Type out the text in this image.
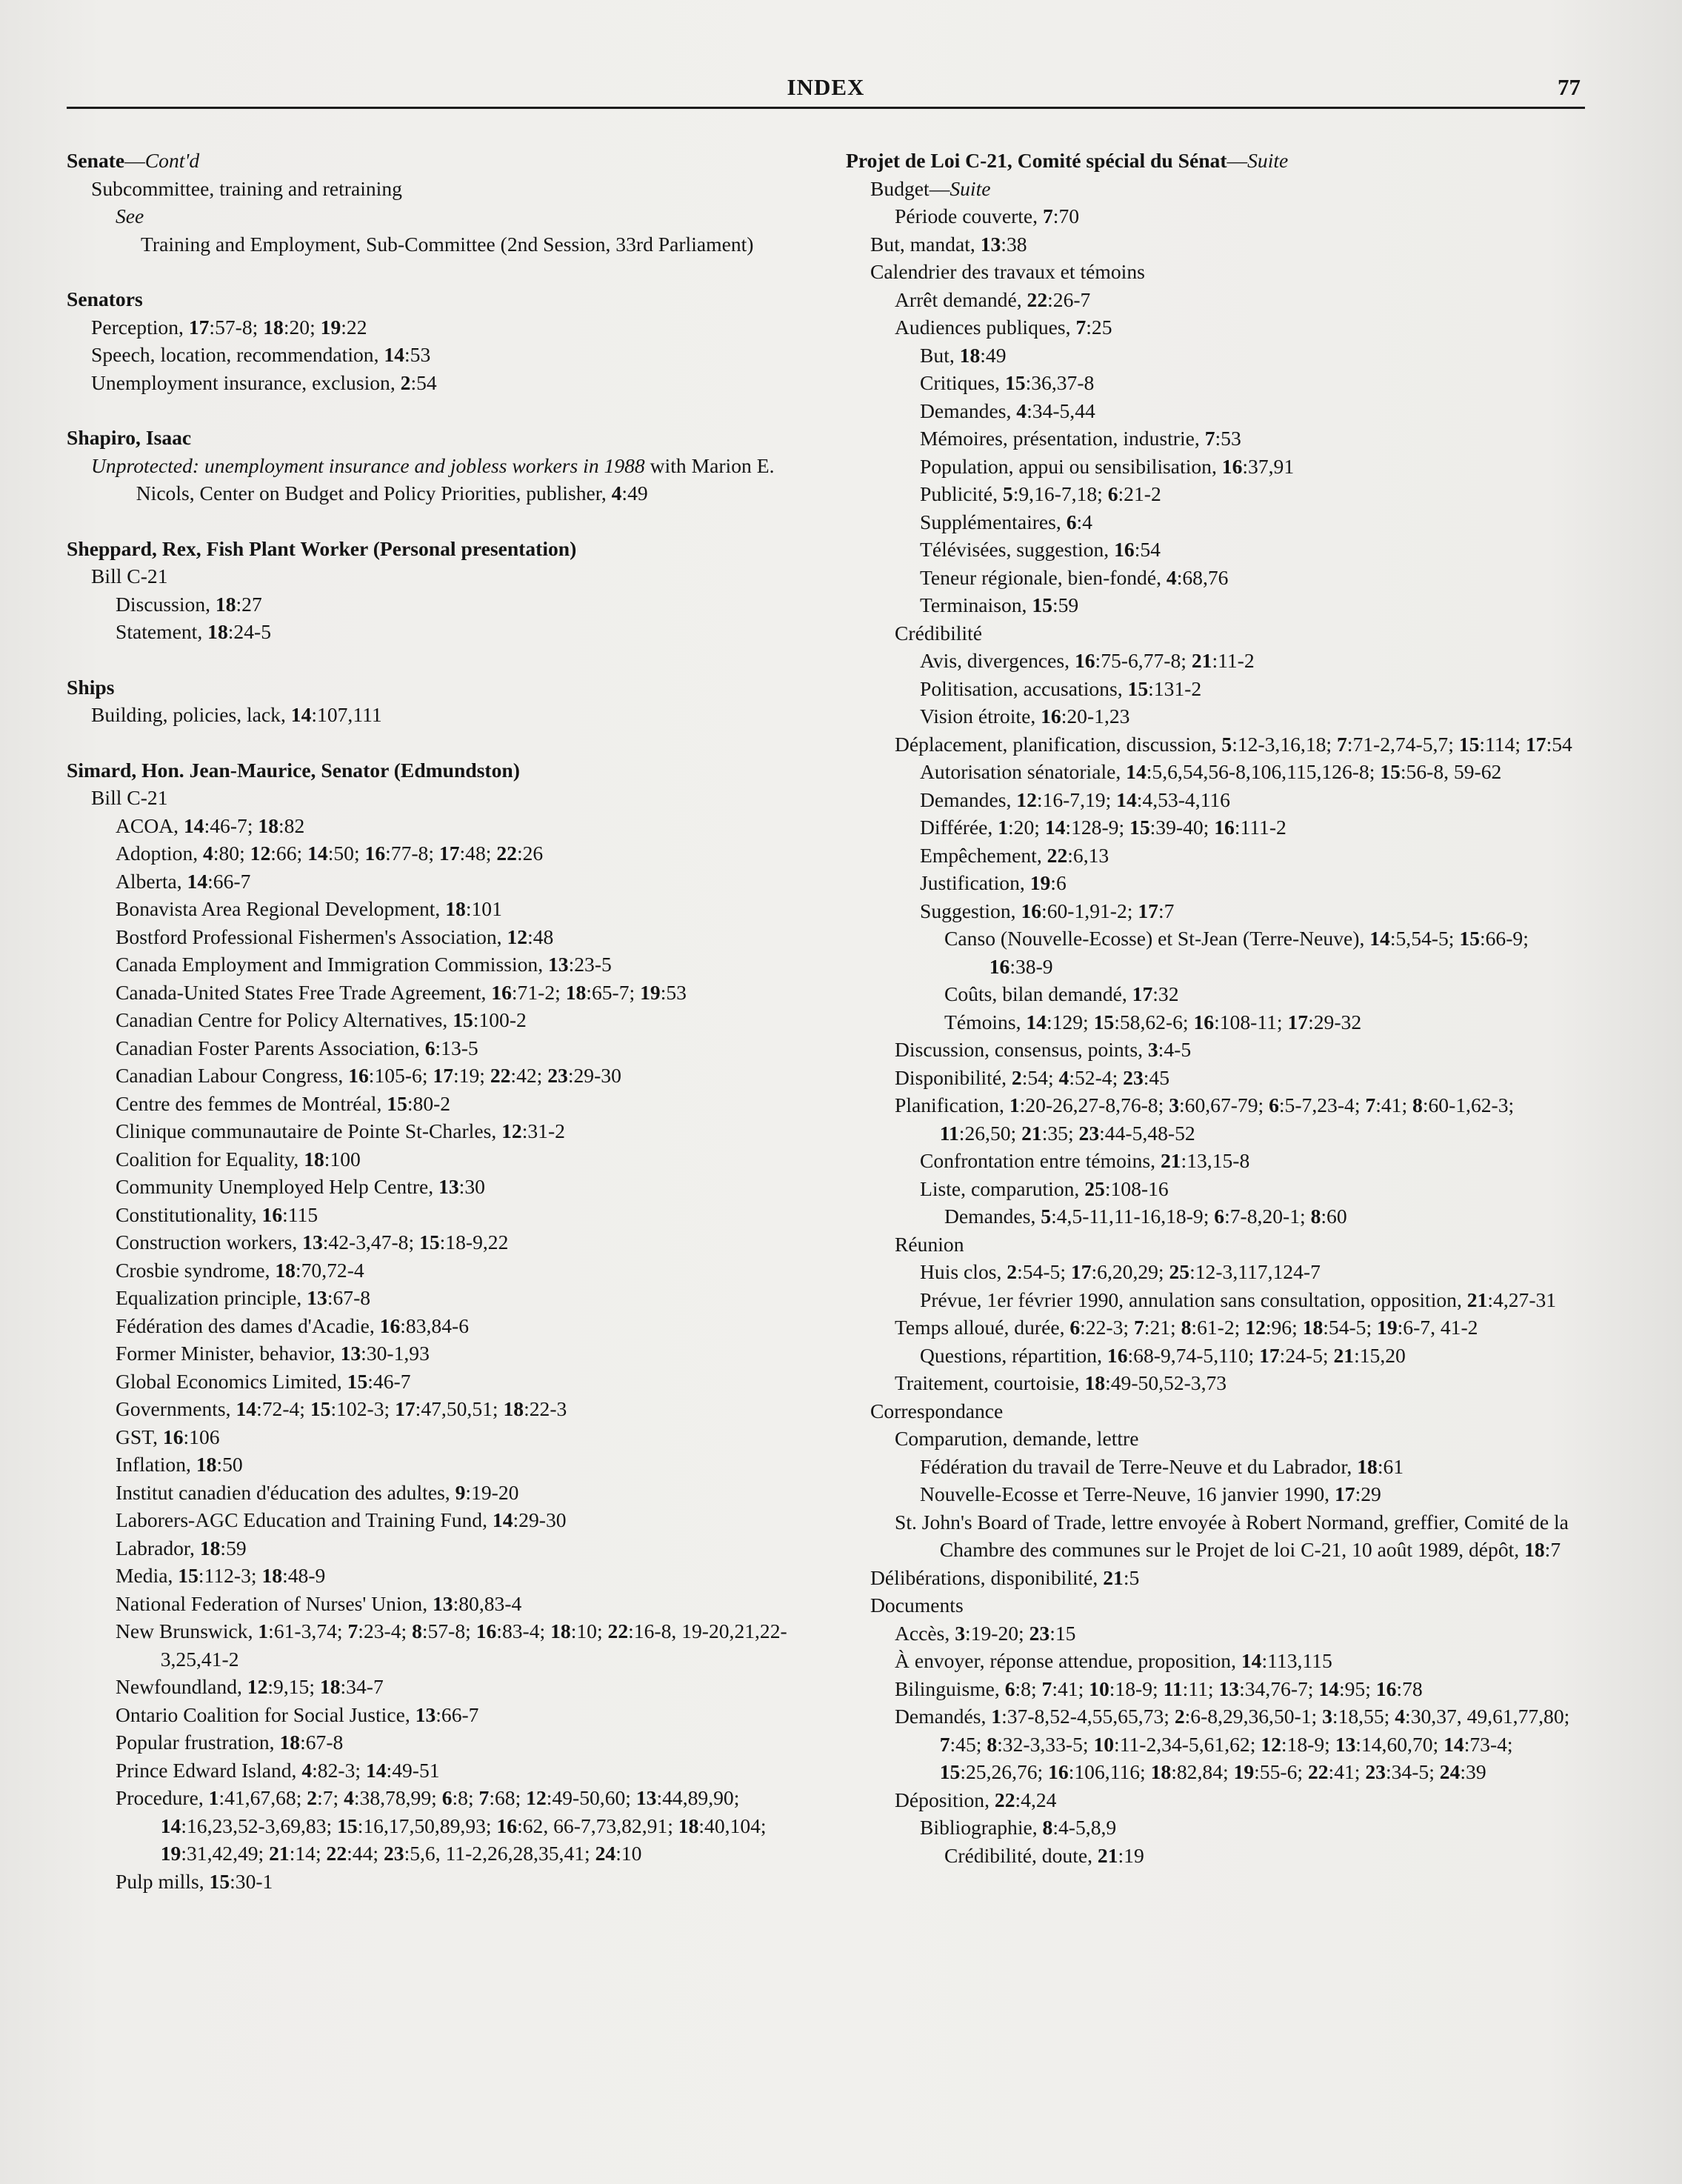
INDEX	77
Senate—Cont'd
Subcommittee, training and retraining
See
Training and Employment, Sub-Committee (2nd Session, 33rd Parliament)
Senators
Perception, 17:57-8; 18:20; 19:22
Speech, location, recommendation, 14:53
Unemployment insurance, exclusion, 2:54
Shapiro, Isaac
Unprotected: unemployment insurance and jobless workers in 1988 with Marion E. Nicols, Center on Budget and Policy Priorities, publisher, 4:49
Sheppard, Rex, Fish Plant Worker (Personal presentation)
Bill C-21
Discussion, 18:27
Statement, 18:24-5
Ships
Building, policies, lack, 14:107,111
Simard, Hon. Jean-Maurice, Senator (Edmundston)
Bill C-21
ACOA, 14:46-7; 18:82
Adoption, 4:80; 12:66; 14:50; 16:77-8; 17:48; 22:26
Alberta, 14:66-7
Bonavista Area Regional Development, 18:101
Bostford Professional Fishermen's Association, 12:48
Canada Employment and Immigration Commission, 13:23-5
Canada-United States Free Trade Agreement, 16:71-2; 18:65-7; 19:53
Canadian Centre for Policy Alternatives, 15:100-2
Canadian Foster Parents Association, 6:13-5
Canadian Labour Congress, 16:105-6; 17:19; 22:42; 23:29-30
Centre des femmes de Montréal, 15:80-2
Clinique communautaire de Pointe St-Charles, 12:31-2
Coalition for Equality, 18:100
Community Unemployed Help Centre, 13:30
Constitutionality, 16:115
Construction workers, 13:42-3,47-8; 15:18-9,22
Crosbie syndrome, 18:70,72-4
Equalization principle, 13:67-8
Fédération des dames d'Acadie, 16:83,84-6
Former Minister, behavior, 13:30-1,93
Global Economics Limited, 15:46-7
Governments, 14:72-4; 15:102-3; 17:47,50,51; 18:22-3
GST, 16:106
Inflation, 18:50
Institut canadien d'éducation des adultes, 9:19-20
Laborers-AGC Education and Training Fund, 14:29-30
Labrador, 18:59
Media, 15:112-3; 18:48-9
National Federation of Nurses' Union, 13:80,83-4
New Brunswick, 1:61-3,74; 7:23-4; 8:57-8; 16:83-4; 18:10; 22:16-8, 19-20,21,22-3,25,41-2
Newfoundland, 12:9,15; 18:34-7
Ontario Coalition for Social Justice, 13:66-7
Popular frustration, 18:67-8
Prince Edward Island, 4:82-3; 14:49-51
Procedure, 1:41,67,68; 2:7; 4:38,78,99; 6:8; 7:68; 12:49-50,60; 13:44,89,90; 14:16,23,52-3,69,83; 15:16,17,50,89,93; 16:62, 66-7,73,82,91; 18:40,104; 19:31,42,49; 21:14; 22:44; 23:5,6, 11-2,26,28,35,41; 24:10
Pulp mills, 15:30-1
Projet de Loi C-21, Comité spécial du Sénat—Suite
Budget—Suite
Période couverte, 7:70
But, mandat, 13:38
Calendrier des travaux et témoins
Arrêt demandé, 22:26-7
Audiences publiques, 7:25
But, 18:49
Critiques, 15:36,37-8
Demandes, 4:34-5,44
Mémoires, présentation, industrie, 7:53
Population, appui ou sensibilisation, 16:37,91
Publicité, 5:9,16-7,18; 6:21-2
Supplémentaires, 6:4
Télévisées, suggestion, 16:54
Teneur régionale, bien-fondé, 4:68,76
Terminaison, 15:59
Crédibilité
Avis, divergences, 16:75-6,77-8; 21:11-2
Politisation, accusations, 15:131-2
Vision étroite, 16:20-1,23
Déplacement, planification, discussion, 5:12-3,16,18; 7:71-2,74-5,7; 15:114; 17:54
Autorisation sénatoriale, 14:5,6,54,56-8,106,115,126-8; 15:56-8, 59-62
Demandes, 12:16-7,19; 14:4,53-4,116
Différée, 1:20; 14:128-9; 15:39-40; 16:111-2
Empêchement, 22:6,13
Justification, 19:6
Suggestion, 16:60-1,91-2; 17:7
Canso (Nouvelle-Ecosse) et St-Jean (Terre-Neuve), 14:5,54-5; 15:66-9; 16:38-9
Coûts, bilan demandé, 17:32
Témoins, 14:129; 15:58,62-6; 16:108-11; 17:29-32
Discussion, consensus, points, 3:4-5
Disponibilité, 2:54; 4:52-4; 23:45
Planification, 1:20-26,27-8,76-8; 3:60,67-79; 6:5-7,23-4; 7:41; 8:60-1,62-3; 11:26,50; 21:35; 23:44-5,48-52
Confrontation entre témoins, 21:13,15-8
Liste, comparution, 25:108-16
Demandes, 5:4,5-11,11-16,18-9; 6:7-8,20-1; 8:60
Réunion
Huis clos, 2:54-5; 17:6,20,29; 25:12-3,117,124-7
Prévue, 1er février 1990, annulation sans consultation, opposition, 21:4,27-31
Temps alloué, durée, 6:22-3; 7:21; 8:61-2; 12:96; 18:54-5; 19:6-7, 41-2
Questions, répartition, 16:68-9,74-5,110; 17:24-5; 21:15,20
Traitement, courtoisie, 18:49-50,52-3,73
Correspondance
Comparution, demande, lettre
Fédération du travail de Terre-Neuve et du Labrador, 18:61
Nouvelle-Ecosse et Terre-Neuve, 16 janvier 1990, 17:29
St. John's Board of Trade, lettre envoyée à Robert Normand, greffier, Comité de la Chambre des communes sur le Projet de loi C-21, 10 août 1989, dépôt, 18:7
Délibérations, disponibilité, 21:5
Documents
Accès, 3:19-20; 23:15
À envoyer, réponse attendue, proposition, 14:113,115
Bilinguisme, 6:8; 7:41; 10:18-9; 11:11; 13:34,76-7; 14:95; 16:78
Demandés, 1:37-8,52-4,55,65,73; 2:6-8,29,36,50-1; 3:18,55; 4:30,37, 49,61,77,80; 7:45; 8:32-3,33-5; 10:11-2,34-5,61,62; 12:18-9; 13:14,60,70; 14:73-4; 15:25,26,76; 16:106,116; 18:82,84; 19:55-6; 22:41; 23:34-5; 24:39
Déposition, 22:4,24
Bibliographie, 8:4-5,8,9
Crédibilité, doute, 21:19
